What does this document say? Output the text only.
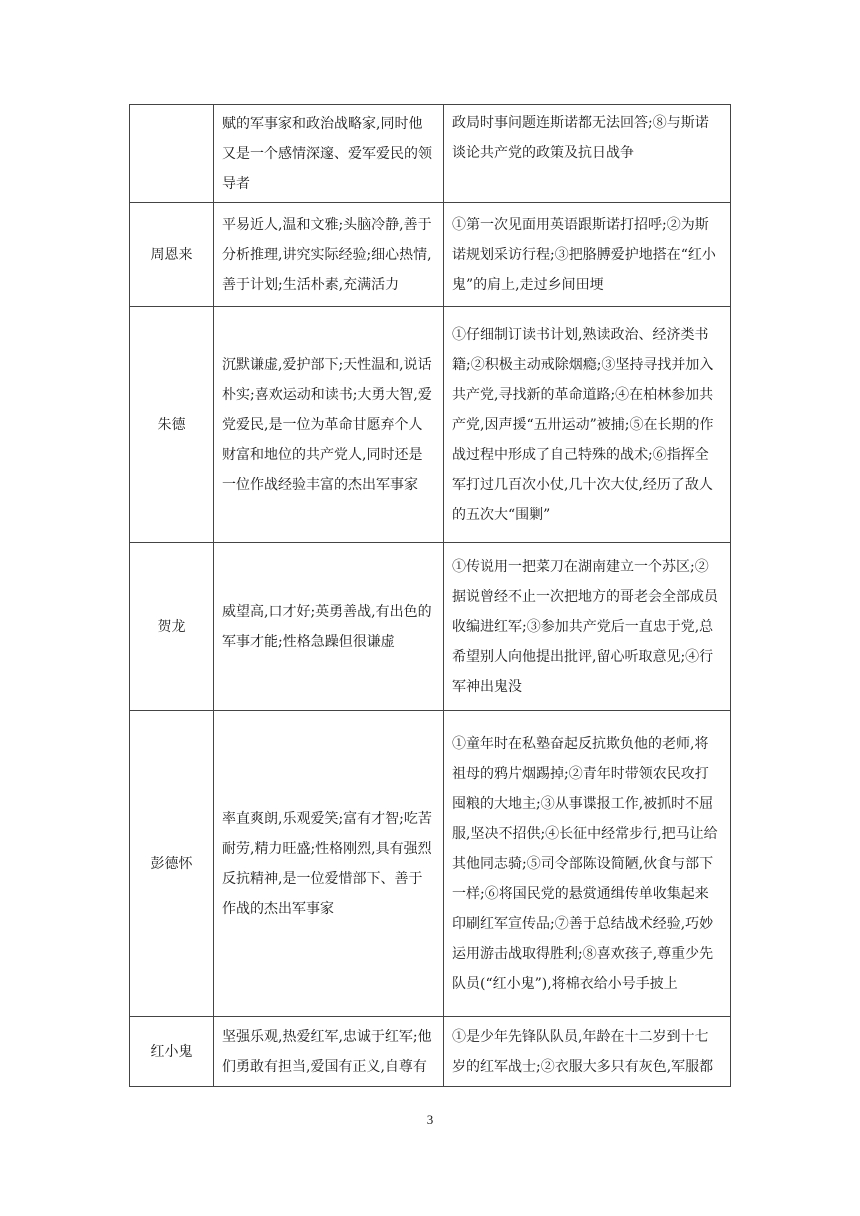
	赋的军事家和政治战略家,同时他又是一个感情深邃、爱军爱民的领导者	政局时事问题连斯诺都无法回答;⑧与斯诺谈论共产党的政策及抗日战争
周恩来	平易近人,温和文雅;头脑冷静,善于分析推理,讲究实际经验;细心热情,善于计划;生活朴素,充满活力	①第一次见面用英语跟斯诺打招呼;②为斯诺规划采访行程;③把胳膊爱护地搭在“红小鬼”的肩上,走过乡间田埂
朱德	沉默谦虚,爱护部下;天性温和,说话朴实;喜欢运动和读书;大勇大智,爱党爱民,是一位为革命甘愿弃个人财富和地位的共产党人,同时还是一位作战经验丰富的杰出军事家	①仔细制订读书计划,熟读政治、经济类书籍;②积极主动戒除烟瘾;③坚持寻找并加入共产党,寻找新的革命道路;④在柏林参加共产党,因声援“五卅运动”被捕;⑤在长期的作战过程中形成了自己特殊的战术;⑥指挥全军打过几百次小仗,几十次大仗,经历了敌人的五次大“围剿”
贺龙	威望高,口才好;英勇善战,有出色的军事才能;性格急躁但很谦虚	①传说用一把菜刀在湖南建立一个苏区;②据说曾经不止一次把地方的哥老会全部成员收编进红军;③参加共产党后一直忠于党,总希望别人向他提出批评,留心听取意见;④行军神出鬼没
彭德怀	率直爽朗,乐观爱笑;富有才智;吃苦耐劳,精力旺盛;性格刚烈,具有强烈反抗精神,是一位爱惜部下、善于作战的杰出军事家	①童年时在私塾奋起反抗欺负他的老师,将祖母的鸦片烟踢掉;②青年时带领农民攻打囤粮的大地主;③从事谍报工作,被抓时不屈服,坚决不招供;④长征中经常步行,把马让给其他同志骑;⑤司令部陈设简陋,伙食与部下一样;⑥将国民党的悬赏通缉传单收集起来印刷红军宣传品;⑦善于总结战术经验,巧妙运用游击战取得胜利;⑧喜欢孩子,尊重少先队员(“红小鬼”),将棉衣给小号手披上
红小鬼	坚强乐观,热爱红军,忠诚于红军;他们勇敢有担当,爱国有正义,自尊有	①是少年先锋队队员,年龄在十二岁到十七岁的红军战士;②衣服大多只有灰色,军服都
3
